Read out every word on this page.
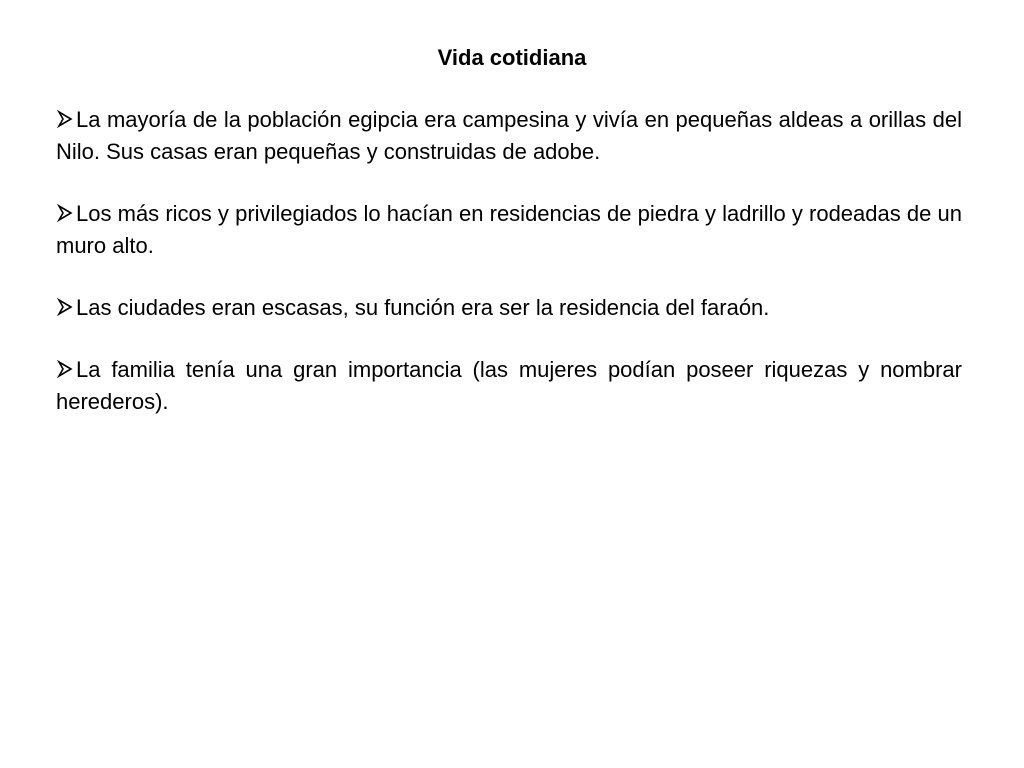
Vida cotidiana
La mayoría de la población egipcia era campesina y vivía en pequeñas aldeas a orillas del Nilo. Sus casas eran pequeñas y construidas de adobe.
Los más ricos y privilegiados lo hacían en residencias de piedra y ladrillo y rodeadas de un muro alto.
Las ciudades eran escasas, su función era ser la residencia del faraón.
La familia tenía una gran importancia (las mujeres podían poseer riquezas y nombrar herederos).
